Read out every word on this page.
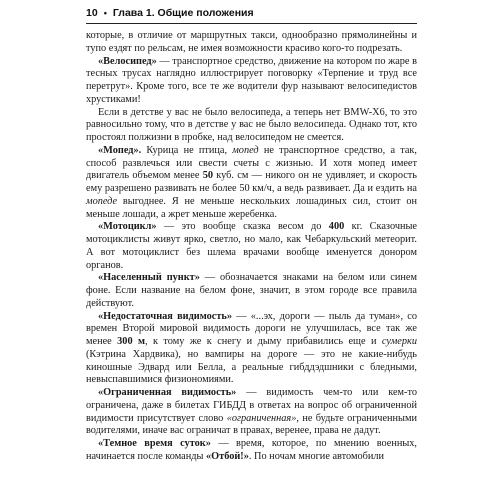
10 • Глава 1. Общие положения

которые, в отличие от маршрутных такси, однообразно прямолинейны и тупо ездят по рельсам, не имея возможности красиво кого-то подрезать.

«Велосипед» — транспортное средство, движение на котором по жаре в тесных трусах наглядно иллюстрирует поговорку «Терпение и труд все перетрут». Кроме того, все те же водители фур называют велосипедистов хрустиками!

Если в детстве у вас не было велосипеда, а теперь нет BMW-X6, то это равносильно тому, что в детстве у вас не было велосипеда. Однако тот, кто простоял полжизни в пробке, над велосипедом не смеется.

«Мопед». Курица не птица, мопед не транспортное средство, а так, способ развлечься или свести счеты с жизнью. И хотя мопед имеет двигатель объемом менее 50 куб. см — никого он не удивляет, и скорость ему разрешено развивать не более 50 км/ч, а ведь развивает. Да и ездить на мопеде выгоднее. Я не меньше нескольких лошадиных сил, стоит он меньше лошади, а жрет меньше жеребенка.

«Мотоцикл» — это вообще сказка весом до 400 кг. Сказочные мотоциклисты живут ярко, светло, но мало, как Чебаркульский метеорит. А вот мотоциклист без шлема врачами вообще именуется донором органов.

«Населенный пункт» — обозначается знаками на белом или синем фоне. Если название на белом фоне, значит, в этом городе все правила действуют.

«Недостаточная видимость» — «...эх, дороги — пыль да туман», со времен Второй мировой видимость дороги не улучшилась, все так же менее 300 м, к тому же к снегу и дыму прибавились еще и сумерки (Кэтрина Хардвика), но вампиры на дороге — это не какие-нибудь киношные Эдвард или Белла, а реальные гибддэдшники с бледными, невыспавшимися физиономиями.

«Ограниченная видимость» — видимость чем-то или кем-то ограничена, даже в билетах ГИБДД в ответах на вопрос об ограниченной видимости присутствует слово «ограниченная», не будьте ограниченными водителями, иначе вас ограничат в правах, веренее, права не дадут.

«Темное время суток» — время, которое, по мнению военных, начинается после команды «Отбой!». По ночам многие автомобили
